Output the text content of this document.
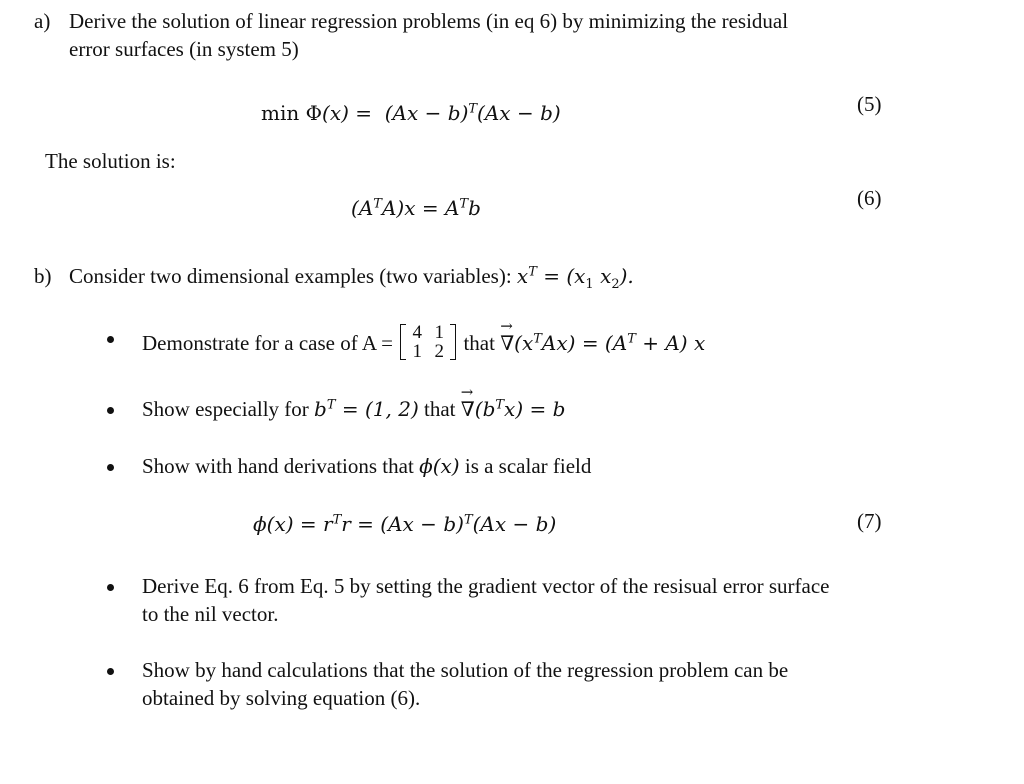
a) Derive the solution of linear regression problems (in eq 6) by minimizing the residual
error surfaces (in system 5)
$\min \Phi(x) = (Ax - b)^T(Ax - b)$	(5)
The solution is:
$(A^TA)x = A^Tb$	(6)
b) Consider two dimensional examples (two variables): $x^T = (x_1$ $x_2$).
Demonstrate for a case of A =	4 1
1 2 that → $\nabla(x^TAx) = (A^T + A)$ x
Show especially for $b^T = (1$, 2) that → $\nabla(b^Tx) = b$
Show with hand derivations that ϕ(x) is a scalar field
$\phi(x) = r^Tr = (Ax - b)^T(Ax - b)$	(7)
Derive Eq. 6 from Eq. 5 by setting the gradient vector of the resisual error surface
to the nil vector.
Show by hand calculations that the solution of the regression problem can be
obtained by solving equation (6).
